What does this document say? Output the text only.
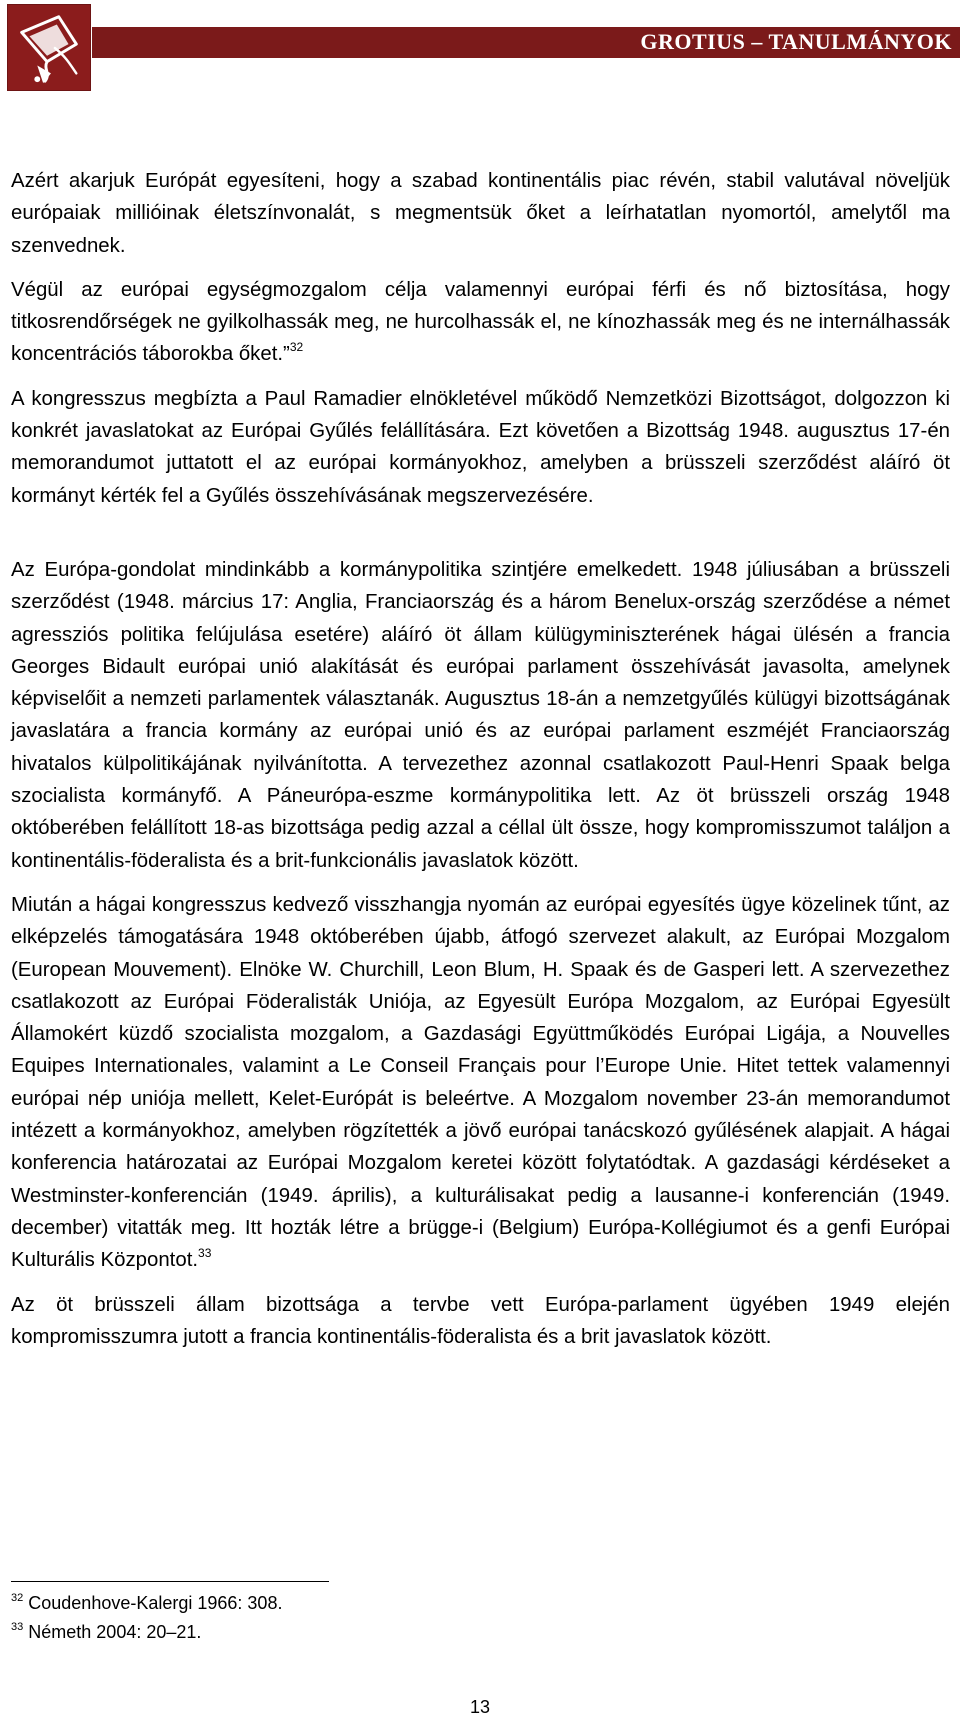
GROTIUS – TANULMÁNYOK

Azért akarjuk Európát egyesíteni, hogy a szabad kontinentális piac révén, stabil valutával növeljük európaiak millióinak életszínvonalát, s megmentsük őket a leírhatatlan nyomortól, amelytől ma szenvednek.

Végül az európai egységmozgalom célja valamennyi európai férfi és nő biztosítása, hogy titkosrendőrségek ne gyilkolhassák meg, ne hurcolhassák el, ne kínozhassák meg és ne internálhassák koncentrációs táborokba őket.”$^{32}$

A kongresszus megbízta a Paul Ramadier elnökletével működő Nemzetközi Bizottságot, dolgozzon ki konkrét javaslatokat az Európai Gyűlés felállítására. Ezt követően a Bizottság 1948. augusztus 17-én memorandumot juttatott el az európai kormányokhoz, amelyben a brüsszeli szerződést aláíró öt kormányt kérték fel a Gyűlés összehívásának megszervezésére.

Az Európa-gondolat mindinkább a kormánypolitika szintjére emelkedett. 1948 júliusában a brüsszeli szerződést (1948. március 17: Anglia, Franciaország és a három Benelux-ország szerződése a német agressziós politika felújulása esetére) aláíró öt állam külügyminiszterének hágai ülésén a francia Georges Bidault európai unió alakítását és európai parlament összehívását javasolta, amelynek képviselőit a nemzeti parlamentek választanák. Augusztus 18-án a nemzetgyűlés külügyi bizottságának javaslatára a francia kormány az európai unió és az európai parlament eszméjét Franciaország hivatalos külpolitikájának nyilvánította. A tervezethez azonnal csatlakozott Paul-Henri Spaak belga szocialista kormányfő. A Páneurópa-eszme kormánypolitika lett. Az öt brüsszeli ország 1948 októberében felállított 18-as bizottsága pedig azzal a céllal ült össze, hogy kompromisszumot találjon a kontinentális-föderalista és a brit-funkcionális javaslatok között.

Miután a hágai kongresszus kedvező visszhangja nyomán az európai egyesítés ügye közelinek tűnt, az elképzelés támogatására 1948 októberében újabb, átfogó szervezet alakult, az Európai Mozgalom (European Mouvement). Elnöke W. Churchill, Leon Blum, H. Spaak és de Gasperi lett. A szervezethez csatlakozott az Európai Föderalisták Uniója, az Egyesült Európa Mozgalom, az Európai Egyesült Államokért küzdő szocialista mozgalom, a Gazdasági Együttműködés Európai Ligája, a Nouvelles Equipes Internationales, valamint a Le Conseil Français pour l’Europe Unie. Hitet tettek valamennyi európai nép uniója mellett, Kelet-Európát is beleértve. A Mozgalom november 23-án memorandumot intézett a kormányokhoz, amelyben rögzítették a jövő európai tanácskozó gyűlésének alapjait. A hágai konferencia határozatai az Európai Mozgalom keretei között folytatódtak. A gazdasági kérdéseket a Westminster-konferencián (1949. április), a kulturálisakat pedig a lausanne-i konferencián (1949. december) vitatták meg. Itt hozták létre a brügge-i (Belgium) Európa-Kollégiumot és a genfi Európai Kulturális Központot.$^{33}$

Az öt brüsszeli állam bizottsága a tervbe vett Európa-parlament ügyében 1949 elején kompromisszumra jutott a francia kontinentális-föderalista és a brit javaslatok között.

$^{32}$ Coudenhove-Kalergi 1966: 308.
$^{33}$ Németh 2004: 20–21.
13
